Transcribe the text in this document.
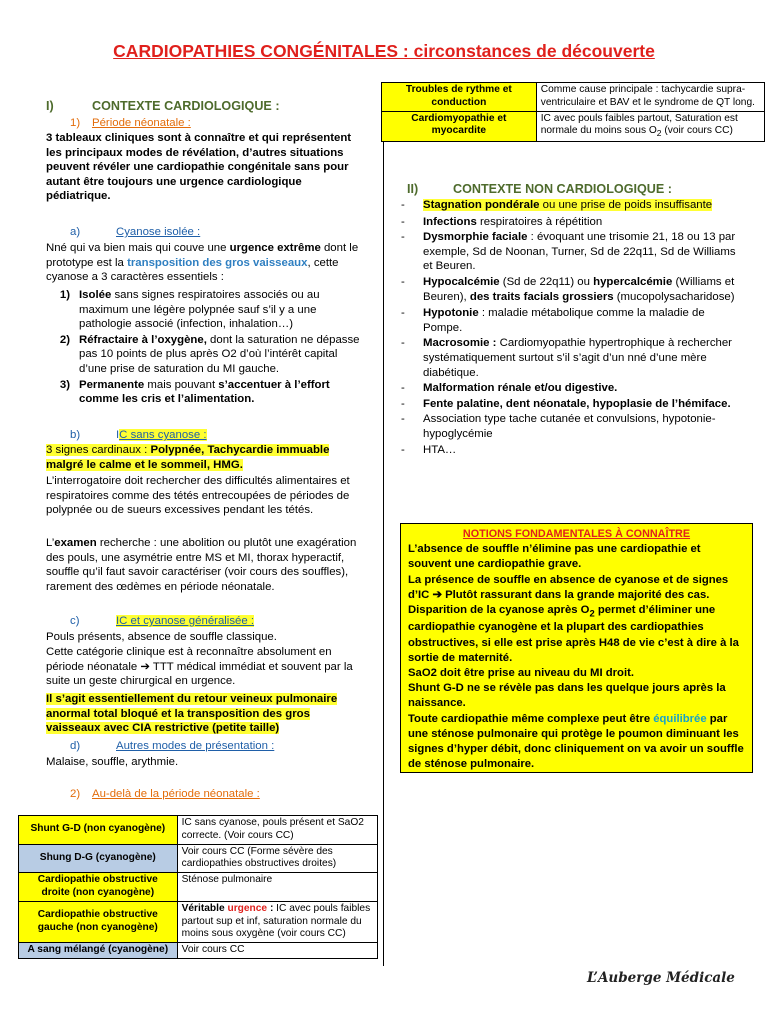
CARDIOPATHIES CONGÉNITALES : circonstances de découverte
I)	CONTEXTE CARDIOLOGIQUE :
1) Période néonatale :

3 tableaux cliniques sont à connaître et qui représentent les principaux modes de révélation, d’autres situations peuvent révéler une cardiopathie congénitale sans pour autant être toujours une urgence cardiologique pédiatrique.

a)	Cyanose isolée :

Nné qui va bien mais qui couve une urgence extrême dont le prototype est la transposition des gros vaisseaux, cette cyanose a 3 caractères essentiels :

1) Isolée sans signes respiratoires associés ou au maximum une légère polypnée sauf s’il y a une pathologie associé (infection, inhalation…)
2) Réfractaire à l’oxygène, dont la saturation ne dépasse pas 10 points de plus après O2 d’où l’intérêt capital d’une prise de saturation du MI gauche.
3) Permanente mais pouvant s’accentuer à l’effort comme les cris et l’alimentation.
b)	IC sans cyanose :

3 signes cardinaux : Polypnée, Tachycardie immuable malgré le calme et le sommeil, HMG.

L’interrogatoire doit rechercher des difficultés alimentaires et respiratoires comme des tétés entrecoupées de périodes de polypnée ou de sueurs excessives pendant les tétés.

L’examen recherche : une abolition ou plutôt une exagération des pouls, une asymétrie entre MS et MI, thorax hyperactif, souffle qu’il faut savoir caractériser (voir cours des souffles), rarement des œdèmes en période néonatale.

c)	IC et cyanose généralisée :

Pouls présents, absence de souffle classique.

Cette catégorie clinique est à reconnaître absolument en période néonatale ➔ TTT médical immédiat et souvent par la suite un geste chirurgical en urgence.

Il s’agit essentiellement du retour veineux pulmonaire anormal total bloqué et la transposition des gros vaisseaux avec CIA restrictive (petite taille)

d)	Autres modes de présentation :

Malaise, souffle, arythmie.

2) Au-delà de la période néonatale :
Shunt G-D (non cyanogène)	IC sans cyanose, pouls présent et SaO2 correcte. (Voir cours CC)
Shung D-G (cyanogène)	Voir cours CC (Forme sévère des cardiopathies obstructives droites)
Cardiopathie obstructive droite (non cyanogène)	Sténose pulmonaire
Cardiopathie obstructive gauche (non cyanogène)	Véritable urgence : IC avec pouls faibles partout sup et inf, saturation normale du moins sous oxygène (voir cours CC)
A sang mélangé (cyanogène)	Voir cours CC
Troubles de rythme et conduction	Comme cause principale : tachycardie supra-ventriculaire et BAV et le syndrome de QT long.
Cardiomyopathie et myocardite	IC avec pouls faibles partout, Saturation est normale du moins sous $O_2$ (voir cours CC)
II)	CONTEXTE NON CARDIOLOGIQUE :
-	Stagnation pondérale ou une prise de poids insuffisante
-	Infections respiratoires à répétition
-	Dysmorphie faciale : évoquant une trisomie 21, 18 ou 13 par exemple, Sd de Noonan, Turner, Sd de 22q11, Sd de Williams et Beuren.
-	Hypocalcémie (Sd de 22q11) ou hypercalcémie (Williams et Beuren), des traits facials grossiers (mucopolysacharidose)
-	Hypotonie : maladie métabolique comme la maladie de Pompe.
-	Macrosomie : Cardiomyopathie hypertrophique à rechercher systématiquement surtout s’il s’agit d’un nné d’une mère diabétique.
-	Malformation rénale et/ou digestive.
-	Fente palatine, dent néonatale, hypoplasie de l’hémiface.
-	Association type tache cutanée et convulsions, hypotonie-hypoglycémie
-	HTA…
NOTIONS FONDAMENTALES À CONNAÎTRE

L’absence de souffle n’élimine pas une cardiopathie et souvent une cardiopathie grave.

La présence de souffle en absence de cyanose et de signes d’IC ➔ Plutôt rassurant dans la grande majorité des cas.

Disparition de la cyanose après $O_2$ permet d’éliminer une cardiopathie cyanogène et la plupart des cardiopathies obstructives, si elle est prise après H48 de vie c’est à dire à la sortie de maternité.

SaO2 doit être prise au niveau du MI droit.

Shunt G-D ne se révèle pas dans les quelque jours après la naissance.

Toute cardiopathie même complexe peut être équilibrée par une sténose pulmonaire qui protège le poumon diminuant les signes d’hyper débit, donc cliniquement on va avoir un souffle de sténose pulmonaire.

L’Auberge Médicale
